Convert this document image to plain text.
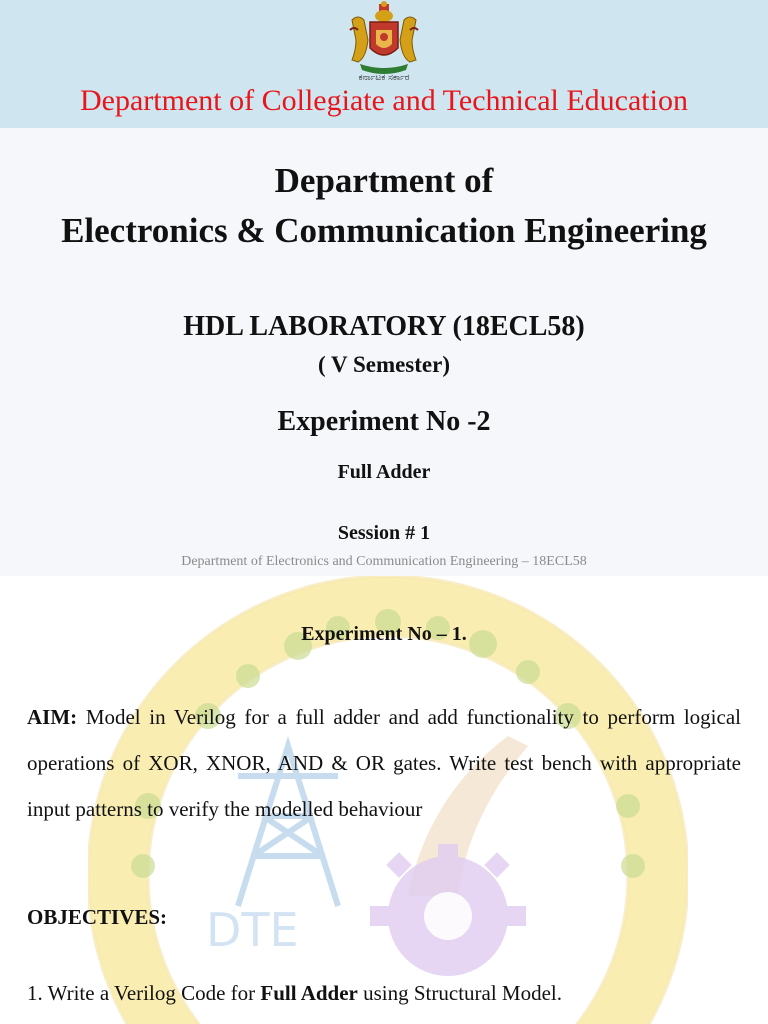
ಕರ್ನಾಟಕ ಸರ್ಕಾರ
Department of Collegiate and Technical Education
Department of
Electronics & Communication Engineering
HDL LABORATORY (18ECL58)
( V Semester)
Experiment No -2
Full Adder
Session # 1
Department of Electronics and Communication Engineering – 18ECL58
DTE
Experiment No – 1.
AIM: Model in Verilog for a full adder and add functionality to perform logical operations of XOR, XNOR, AND & OR gates. Write test bench with appropriate input patterns to verify the modelled behaviour
OBJECTIVES:
1. Write a Verilog Code for Full Adder using Structural Model.
